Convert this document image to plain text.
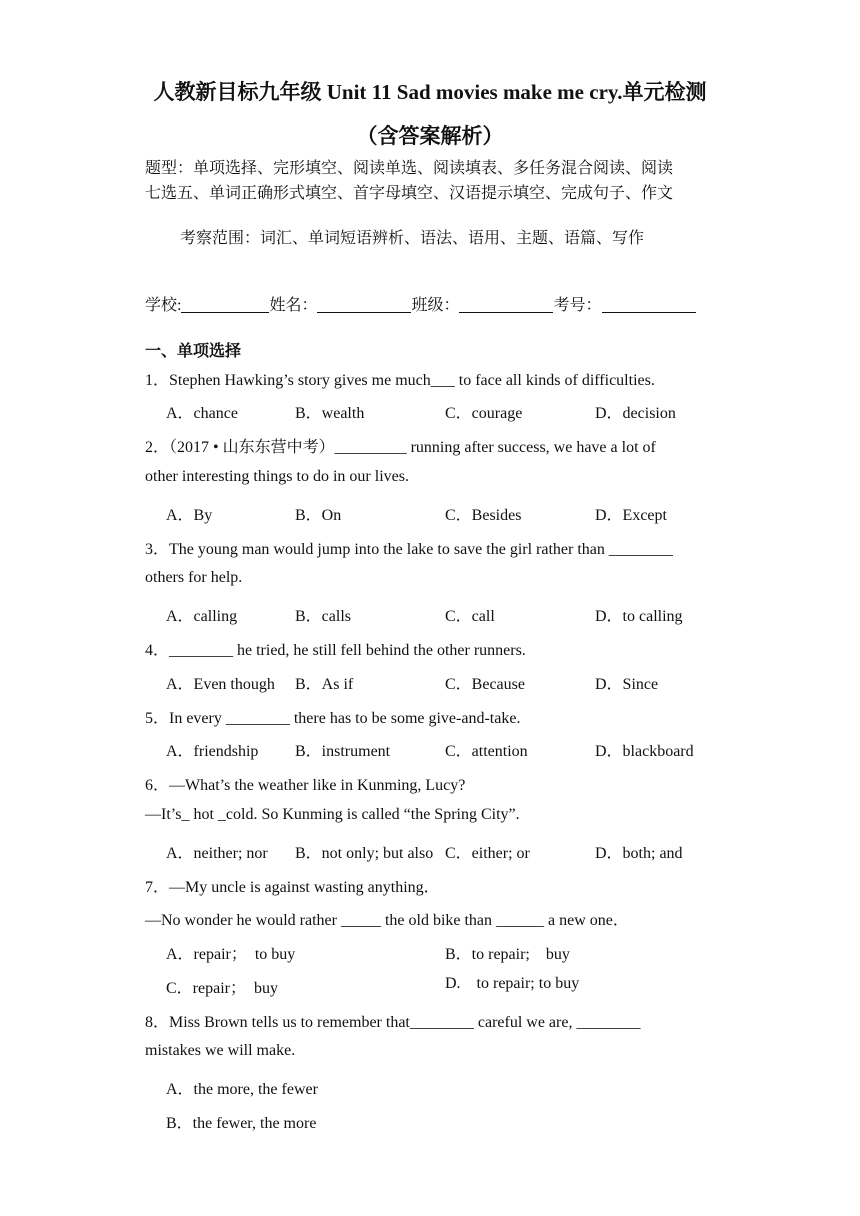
人教新目标九年级 Unit 11 Sad movies make me cry.单元检测
（含答案解析）
题型：单项选择、完形填空、阅读单选、阅读填表、多任务混合阅读、阅读
七选五、单词正确形式填空、首字母填空、汉语提示填空、完成句子、作文
考察范围：词汇、单词短语辨析、语法、语用、主题、语篇、写作
学校:	姓名：	班级：	考号：
一、单项选择
1．Stephen Hawking’s story gives me much___ to face all kinds of difficulties.
A．chance	B．wealth	C．courage	D．decision
2．（2017 • 山东东营中考）_________ running after success, we have a lot of
other interesting things to do in our lives.
A．By	B．On	C．Besides	D．Except
3．The young man would jump into the lake to save the girl rather than ________
others for help.
A．calling	B．calls	C．call	D．to calling
4．________ he tried, he still fell behind the other runners.
A．Even though B．As if	C．Because	D．Since
5．In every ________ there has to be some give-and-take.
A．friendship B．instrument	C．attention	D．blackboard
6．—What’s the weather like in Kunming, Lucy?
—It’s_ hot _cold. So Kunming is called “the Spring City”.
A．neither; nor B．not only; but also C．either; or	D．both; and
7．—My uncle is against wasting anything．
—No wonder he would rather _____ the old bike than ______ a new one．
A．repair；  to buy	B．to repair;    buy
C．repair；  buy	D.    to repair; to buy
8．Miss Brown tells us to remember that________ careful we are, ________
mistakes we will make.
A．the more, the fewer
B．the fewer, the more
